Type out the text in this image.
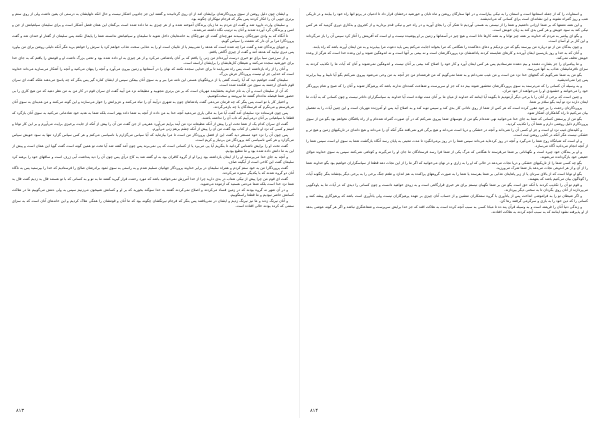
و ایشان چون دلیل روشن از سوی پروردگارشان برایشان آمد از آن روی گردانیدند و گفتند این جز جادویی آشکار نیست و حال آنکه دلهایشان به درستی آن یقین داشت ولی از روی ستم و برتری جویی آن را انکار کردند پس بنگر که فرجام تبهکاران چگونه بود.

و سلیمان وارث داوود شد و گفت ای مردم به ما زبان پرندگان آموخته شده و از هر چیزی به ما داده شده است بی‌گمان این همان فضل آشکار است و برای سلیمان سپاهیانش از جن و انس و پرندگان گرد آورده شدند و آنان به ترتیب نگاه داشته می‌شدند.

تا آنگاه که به وادی مورچگان رسیدند مورچه‌ای گفت ای مورچگان به خانه‌هایتان داخل شوید تا سلیمان و سپاهیانش ندانسته شما را پایمال نکنند پس سلیمان از گفتار او خندان شد و گفت پروردگارا مرا بر آن دار که نعمتت را سپاس گویم.

و جویای پرندگان شد و گفت مرا چه شده است که هدهد را نمی‌بینم یا از غایبان است او را به عذابی سخت عذاب خواهم کرد یا سرش را خواهم برید مگر آنکه دلیلی روشن برای من بیاورد پس دیری نپایید که هدهد آمد و گفت از چیزی آگاهی یافتم.

و از سرزمین سبا برای تو خبری درست آورده‌ام من زنی را یافتم که بر آنان پادشاهی می‌کرد و از هر چیزی به او داده شده بود و تختی بزرگ داشت او و قومش را یافتم که به جای خدا برای خورشید سجده می‌کنند و شیطان کارهایشان را برایشان آراسته است.

و آنان را از راه بازداشته است پس راه نمی‌یابند تا برای خدایی سجده نکنند که نهان را در آسمانها و زمین بیرون می‌آورد و آنچه را پنهان می‌کنید و آنچه را آشکار می‌سازید می‌داند خداوند است که خدایی جز او نیست پروردگار عرش بزرگ.

سلیمان گفت خواهیم دید که آیا راست گفتی یا از دروغگویان هستی این نامه مرا ببر و به سوی آنان بیفکن سپس از ایشان کناره گیر پس بنگر که چه پاسخ می‌دهند ملکه گفت ای سران قوم نامه‌ای ارجمند به سوی من افکنده شده است.

که آن از سلیمان است و آن به نام خداوند بخشاینده مهربان است که بر من برتری مجویید و مطیعانه نزد من آیید گفت ای سران قوم در کار من به من نظر دهید که من هیچ کاری را بی حضور شما فیصله نداده‌ام گفتند ما نیرومند و سخت‌کوشیم.

و اختیار کار با تو است پس بنگر که چه فرمان می‌دهی گفت پادشاهان چون به شهری درآیند آن را تباه می‌کنند و عزیزانش را خوار می‌سازند و این گونه می‌کنند و من هدیه‌ای به سوی آنان می‌فرستم و می‌نگرم که فرستادگان با چه بازمی‌گردند.

پس چون فرستاده نزد سلیمان آمد گفت آیا مرا به مالی یاری می‌دهید آنچه خدا به من داده از آنچه به شما داده بهتر است بلکه شما به هدیه خود شادمانی می‌کنید به سوی آنان بازگرد که قطعا با سپاهیانی بر آنان درمی‌آییم که تاب آن را نداشته باشند.

گفت ای سران کدام یک از شما تخت او را پیش از آنکه مطیعانه نزد من آیند برایم می‌آورد عفریتی از جن گفت من آن را پیش از آنکه از جایت برخیزی برایت می‌آورم و بر این کار توانا و امینم و کسی که نزد او دانشی از کتاب بود گفت من آن را پیش از آنکه چشم برهم زنی می‌آورم.

پس چون آن را نزد خود مستقر دید گفت این از فضل پروردگار من است تا مرا بیازماید که آیا سپاس می‌گزارم یا ناسپاسی می‌کنم و هر کس سپاس گزارد تنها به سود خویش سپاس می‌گزارد و هر کس ناسپاسی کند پروردگار من بی‌نیاز و کریم است.

گفت تخت او را برایش ناشناس گردانید تا بنگریم آیا پی می‌برد یا از کسانی است که پی نمی‌برند پس چون آمد گفته شد آیا تخت تو همین گونه است گفت گویا این همان است و پیش از این به ما دانش داده شده بود و ما مطیع بودیم.

و آنچه به جای خدا می‌پرستید او را از ایمان بازداشته بود زیرا او از گروه کافران بود به او گفته شد به کاخ درآی پس چون آن را دید پنداشت آبی ژرف است و ساقهای خود را برهنه کرد سلیمان گفت این کاخی است از آبگینه صاف.

گفت پروردگارا من به خود ستم کردم و همراه سلیمان در برابر خداوند پروردگار جهانیان تسلیم شدم و به راستی به سوی ثمود برادرشان صالح را فرستادیم که خدا را بپرستید پس به ناگاه آنان دو گروه شدند که با یکدیگر ستیزه می‌کردند.

گفت ای قوم من چرا پیش از نیکی شتاب در بدی دارید چرا از خدا آمرزش نمی‌خواهید باشد که مورد رحمت قرار گیرید گفتند ما به تو و به کسانی که با تو هستند فال بد زدیم گفت فال بد شما نزد خدا است بلکه شما مردمی هستید که آزموده می‌شوید.

و در آن شهر نه گروه بودند که در زمین فساد می‌کردند و اصلاح نمی‌کردند گفتند به خدا سوگند بخورید که بر او و کسانش شبیخون می‌زنیم سپس به ولی دمش می‌گوییم ما در هلاکت کسانش حاضر نبودیم و ما قطعا راستگوییم.

و آنان نیرنگ زدند و ما نیز نیرنگ زدیم و ایشان در نمی‌یافتند پس بنگر که فرجام نیرنگشان چگونه بود که ما آنان و قومشان را همگی هلاک کردیم و این خانه‌های آنان است که به سزای ستمی که کرده بودند خالی افتاده است.

۸۱۳

و اسماوات را که از جمله آسمانها است و آسمان را به نیکی بیاراست و در آنها ستارگان روشن و ماه تابان و خورشید درخشان قرار داد تا آدمیان در پرتو آنها راه خود را بیابند و در تاریکی شب و روز گمراه نشوند و این نشانه‌ای است برای کسانی که می‌اندیشند.

و این همه نعمتها که بر شما ارزانی داشتیم و شما را از نیستی به هستی آوردیم تا شکر آن را بجای آورید و در راه خیر و نیکی قدم بردارید و از کجروی و بدکاری دوری گزینید که هر کس نیکی کند به سود خویش و هر کس بدی کند به زیان خویش است.

و بگو ای پیامبر به مردم که خداوند بر همه چیز توانا و به همه کارها دانا است و هیچ چیز در آسمانها و زمین بر او پوشیده نیست و او است که آفرینش را آغاز کرد سپس آن را باز می‌گرداند و این کار بر او آسان است.

و چون بندگان من از تو درباره من بپرسند بگو که من نزدیکم و دعای دعاکننده را هنگامی که مرا بخواند اجابت می‌کنم پس باید دعوت مرا بپذیرند و به من ایمان آورند باشد که راه یابند.

و آنان که به خدا و روز بازپسین ایمان آوردند و کارهای شایسته کردند پاداششان نزد پروردگارشان است و نه بیمی بر آنها است و نه اندوهگین شوند و این وعده خدا است که هرگز از وعده خویش تخلف نمی‌کند.

و ما پیامبران را جز بشارت دهنده و بیم دهنده نفرستادیم پس هر کس ایمان آورد و کار خود را اصلاح کند بیمی بر آنان نیست و اندوهگین نمی‌شوند و آنان که آیات ما را تکذیب کردند به سزای نافرمانیشان عذاب به آنها می‌رسد.

بگو من به شما نمی‌گویم که گنجهای خدا نزد من است و من غیب نمی‌دانم و به شما نمی‌گویم که من فرشته‌ام من جز آنچه به من وحی می‌شود پیروی نمی‌کنم بگو آیا نابینا و بینا برابرند پس چرا نمی‌اندیشید.

و به وسیله آن کسانی را که می‌ترسند به سوی پروردگارشان محشور شوند بیم ده که جز او سرپرست و شفاعت کننده‌ای ندارند باشد که پرهیزگار شوند و آنان را که صبح و شام پروردگار خود را می‌خوانند و خشنودی او را می‌خواهند از خود مران.

و چنین است که برخی از آنان را با برخی دیگر آزمودیم تا بگویند آیا اینانند که خداوند از میان ما بر آنان منت نهاده است آیا خداوند به سپاسگزاران داناتر نیست و چون کسانی که به آیات ما ایمان دارند نزد تو آیند بگو سلام بر شما.

پروردگارتان رحمت را بر خود مقرر کرده است که هر کس از شما از روی نادانی کار بدی کند و سپس توبه کند و به اصلاح آید پس او آمرزنده مهربان است و این چنین آیات را به تفصیل بیان می‌کنیم تا راه گناهکاران آشکار شود.

بگو من از پرستش کسانی که شما به جای خدا می‌خوانید نهی شده‌ام بگو من از هوسهای شما پیروی نمی‌کنم که در آن صورت گمراه شده‌ام و از راه یافتگان نخواهم بود بگو من از سوی پروردگارم دلیل روشنی دارم و شما آن را تکذیب کردید.

و کلیدهای غیب نزد او است و جز او کسی آن را نمی‌داند و آنچه در خشکی و دریا است می‌داند و هیچ برگی فرو نمی‌افتد مگر آنکه آن را می‌داند و هیچ دانه‌ای در تاریکیهای زمین و هیچ تر و خشکی نیست مگر آنکه در کتابی روشن ثبت است.

و او است که شبانگاه روح شما را می‌گیرد و آنچه در روز کرده‌اید می‌داند سپس شما را در روز برمی‌انگیزد تا مدت معینی به پایان رسد آنگاه بازگشت شما به سوی او است سپس شما را از آنچه انجام می‌دادید آگاه می‌سازد.

و او بر بندگان خود چیره است و نگهبانانی بر شما می‌فرستد تا هنگامی که مرگ یکی از شما فرا رسد فرستادگان ما جان او را می‌گیرند و کوتاهی نمی‌کنند سپس به سوی خداوند مولای حقیقی خود بازگردانده می‌شوند.

بگو چه کسی شما را از تاریکیهای خشکی و دریا نجات می‌دهد در حالی که او را به زاری و در نهان می‌خوانید که اگر ما را از این نجات دهد قطعا از سپاسگزاران خواهیم بود بگو خداوند شما را از آن و از هر اندوهی نجات می‌دهد باز شما شرک می‌ورزید.

بگو او توانا است که از بالای سرتان یا از زیر پاهایتان عذابی بر شما بفرستد یا شما را به صورت گروههای پراکنده به هم اندازد و طعم جنگ برخی را به برخی دیگر بچشاند بنگر چگونه آیات را گوناگون بیان می‌کنیم باشد که بفهمند.

و قوم تو آن را تکذیب کردند با آنکه حق است بگو من بر شما نگهبان نیستم برای هر خبری قرارگاهی است و به زودی خواهید دانست و چون کسانی را دیدی که در آیات ما به یاوه‌گویی می‌پردازند از آنان روی بگردان تا به سخنی دیگر بپردازند.

و اگر شیطان تو را به فراموشی انداخت پس از یادآوری با گروه ستمکاران منشین و از حساب آنان چیزی بر عهده پرهیزگاران نیست ولی یادآوری است باشد که پرهیزگاری پیشه کنند و کسانی را که دین خود را به بازی و سرگرمی گرفتند رها کن.

و زندگی دنیا آنان را فریفته است و به وسیله قرآن پند ده تا مبادا کسی به سبب آنچه کرده است به هلاکت افتد که جز خدا برایش سرپرست و شفاعتگری نباشد و اگر هر گونه عوضی بدهد از او پذیرفته نشود اینانند که به سبب آنچه کردند به هلاکت افتادند.

۸۱۴
